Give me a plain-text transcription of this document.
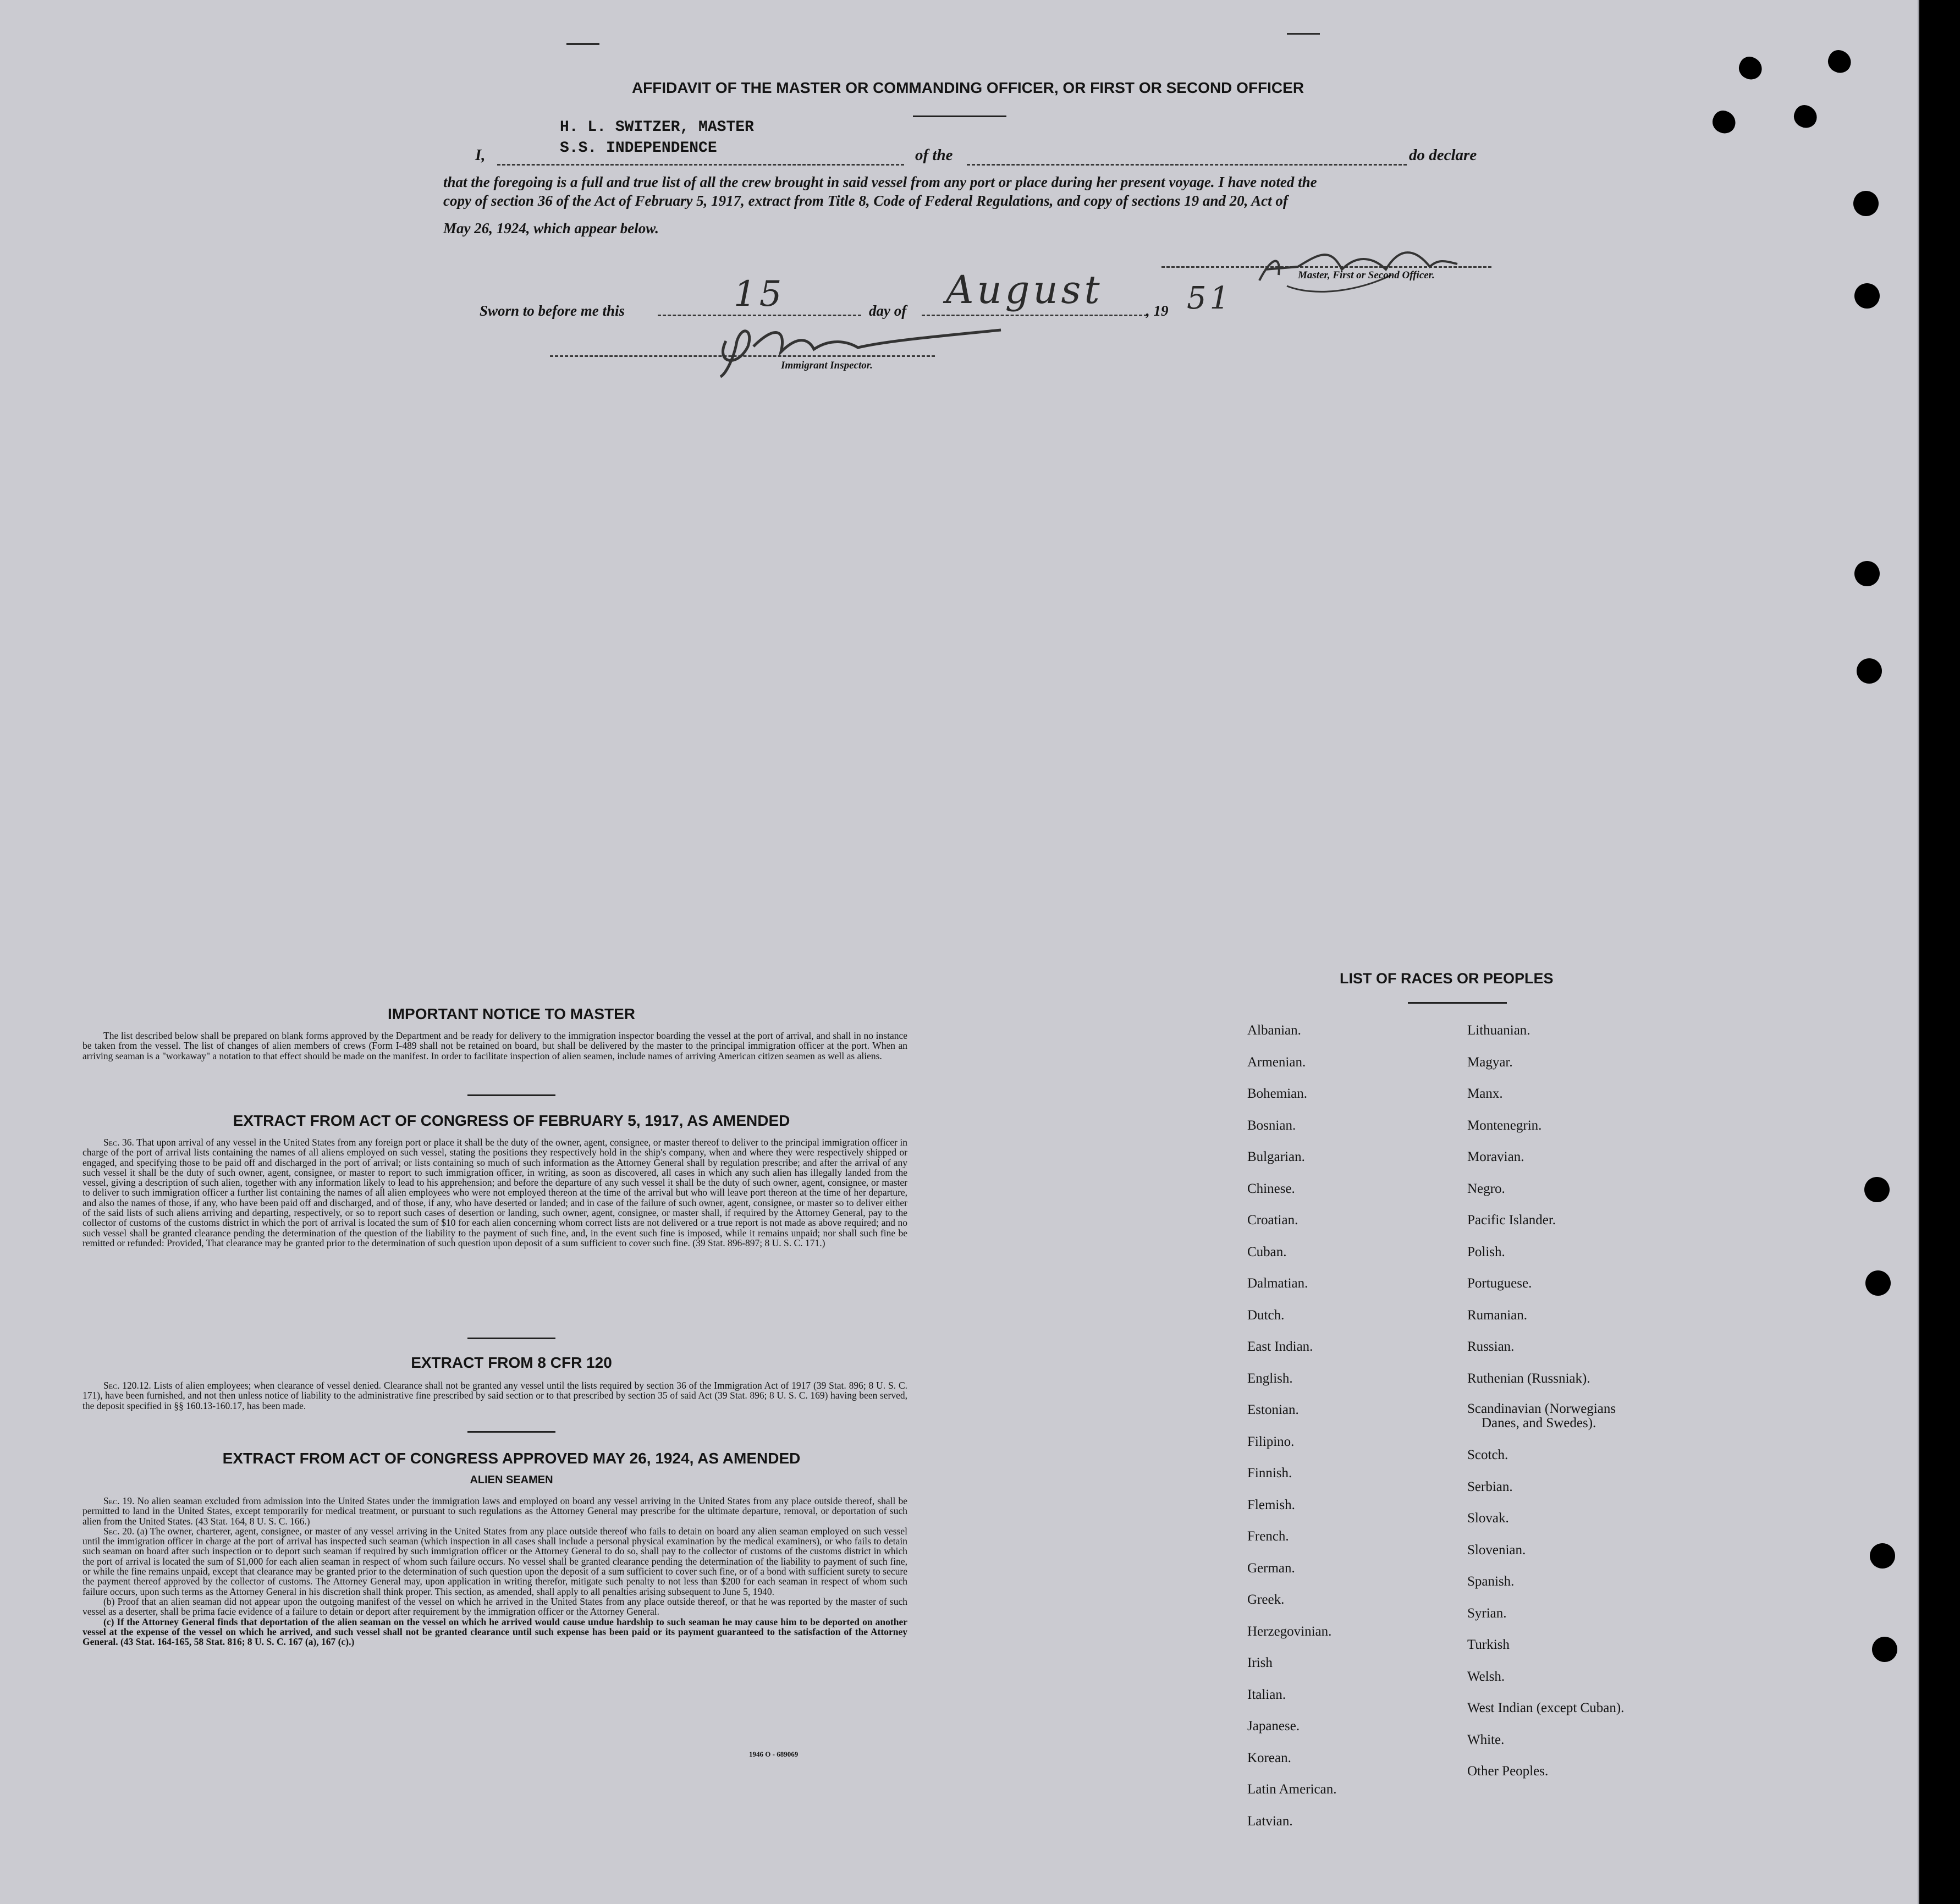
AFFIDAVIT OF THE MASTER OR COMMANDING OFFICER, OR FIRST OR SECOND OFFICER
H. L. SWITZER, MASTER
S.S. INDEPENDENCE
I,	of the	do declare
that the foregoing is a full and true list of all the crew brought in said vessel from any port or place during her present voyage. I have noted the
copy of section 36 of the Act of February 5, 1917, extract from Title 8, Code of Federal Regulations, and copy of sections 19 and 20, Act of
May 26, 1924, which appear below.
Sworn to before me this	15	day of August	, 19 51
Master, First or Second Officer.
Immigrant Inspector.
IMPORTANT NOTICE TO MASTER

The list described below shall be prepared on blank forms approved by the Department and be ready for delivery to the immigration inspector boarding the vessel at the port of arrival, and shall in no instance be taken from the vessel. The list of changes of alien members of crews (Form I-489 shall not be retained on board, but shall be delivered by the master to the principal immigration officer at the port. When an arriving seaman is a "workaway" a notation to that effect should be made on the manifest. In order to facilitate inspection of alien seamen, include names of arriving American citizen seamen as well as aliens.

EXTRACT FROM ACT OF CONGRESS OF FEBRUARY 5, 1917, AS AMENDED

Sec. 36. That upon arrival of any vessel in the United States from any foreign port or place it shall be the duty of the owner, agent, consignee, or master thereof to deliver to the principal immigration officer in charge of the port of arrival lists containing the names of all aliens employed on such vessel, stating the positions they respectively hold in the ship's company, when and where they were respectively shipped or engaged, and specifying those to be paid off and discharged in the port of arrival; or lists containing so much of such information as the Attorney General shall by regulation prescribe; and after the arrival of any such vessel it shall be the duty of such owner, agent, consignee, or master to report to such immigration officer, in writing, as soon as discovered, all cases in which any such alien has illegally landed from the vessel, giving a description of such alien, together with any information likely to lead to his apprehension; and before the departure of any such vessel it shall be the duty of such owner, agent, consignee, or master to deliver to such immigration officer a further list containing the names of all alien employees who were not employed thereon at the time of the arrival but who will leave port thereon at the time of her departure, and also the names of those, if any, who have been paid off and discharged, and of those, if any, who have deserted or landed; and in case of the failure of such owner, agent, consignee, or master so to deliver either of the said lists of such aliens arriving and departing, respectively, or so to report such cases of desertion or landing, such owner, agent, consignee, or master shall, if required by the Attorney General, pay to the collector of customs of the customs district in which the port of arrival is located the sum of $10 for each alien concerning whom correct lists are not delivered or a true report is not made as above required; and no such vessel shall be granted clearance pending the determination of the question of the liability to the payment of such fine, and, in the event such fine is imposed, while it remains unpaid; nor shall such fine be remitted or refunded: Provided, That clearance may be granted prior to the determination of such question upon deposit of a sum sufficient to cover such fine. (39 Stat. 896-897; 8 U. S. C. 171.)

EXTRACT FROM 8 CFR 120

Sec. 120.12. Lists of alien employees; when clearance of vessel denied. Clearance shall not be granted any vessel until the lists required by section 36 of the Immigration Act of 1917 (39 Stat. 896; 8 U. S. C. 171), have been furnished, and not then unless notice of liability to the administrative fine prescribed by said section or to that prescribed by section 35 of said Act (39 Stat. 896; 8 U. S. C. 169) having been served, the deposit specified in §§ 160.13-160.17, has been made.

EXTRACT FROM ACT OF CONGRESS APPROVED MAY 26, 1924, AS AMENDED
ALIEN SEAMEN

Sec. 19. No alien seaman excluded from admission into the United States under the immigration laws and employed on board any vessel arriving in the United States from any place outside thereof, shall be permitted to land in the United States, except temporarily for medical treatment, or pursuant to such regulations as the Attorney General may prescribe for the ultimate departure, removal, or deportation of such alien from the United States. (43 Stat. 164, 8 U. S. C. 166.)

Sec. 20. (a) The owner, charterer, agent, consignee, or master of any vessel arriving in the United States from any place outside thereof who fails to detain on board any alien seaman employed on such vessel until the immigration officer in charge at the port of arrival has inspected such seaman (which inspection in all cases shall include a personal physical examination by the medical examiners), or who fails to detain such seaman on board after such inspection or to deport such seaman if required by such immigration officer or the Attorney General to do so, shall pay to the collector of customs of the customs district in which the port of arrival is located the sum of $1,000 for each alien seaman in respect of whom such failure occurs. No vessel shall be granted clearance pending the determination of the liability to payment of such fine, or while the fine remains unpaid, except that clearance may be granted prior to the determination of such question upon the deposit of a sum sufficient to cover such fine, or of a bond with sufficient surety to secure the payment thereof approved by the collector of customs. The Attorney General may, upon application in writing therefor, mitigate such penalty to not less than $200 for each seaman in respect of whom such failure occurs, upon such terms as the Attorney General in his discretion shall think proper. This section, as amended, shall apply to all penalties arising subsequent to June 5, 1940.

(b) Proof that an alien seaman did not appear upon the outgoing manifest of the vessel on which he arrived in the United States from any place outside thereof, or that he was reported by the master of such vessel as a deserter, shall be prima facie evidence of a failure to detain or deport after requirement by the immigration officer or the Attorney General.

(c) If the Attorney General finds that deportation of the alien seaman on the vessel on which he arrived would cause undue hardship to such seaman he may cause him to be deported on another vessel at the expense of the vessel on which he arrived, and such vessel shall not be granted clearance until such expense has been paid or its payment guaranteed to the satisfaction of the Attorney General. (43 Stat. 164-165, 58 Stat. 816; 8 U. S. C. 167 (a), 167 (c).)

1946 O - 689069
LIST OF RACES OR PEOPLES
Albanian.
Armenian.
Bohemian.
Bosnian.
Bulgarian.
Chinese.
Croatian.
Cuban.
Dalmatian.
Dutch.
East Indian.
English.
Estonian.
Filipino.
Finnish.
Flemish.
French.
German.
Greek.
Herzegovinian.
Irish
Italian.
Japanese.
Korean.
Latin American.
Latvian.
Lithuanian.
Magyar.
Manx.
Montenegrin.
Moravian.
Negro.
Pacific Islander.
Polish.
Portuguese.
Rumanian.
Russian.
Ruthenian (Russniak).
Scandinavian (Norwegians
Danes, and Swedes).
Scotch.
Serbian.
Slovak.
Slovenian.
Spanish.
Syrian.
Turkish
Welsh.
West Indian (except Cuban).
White.
Other Peoples.
